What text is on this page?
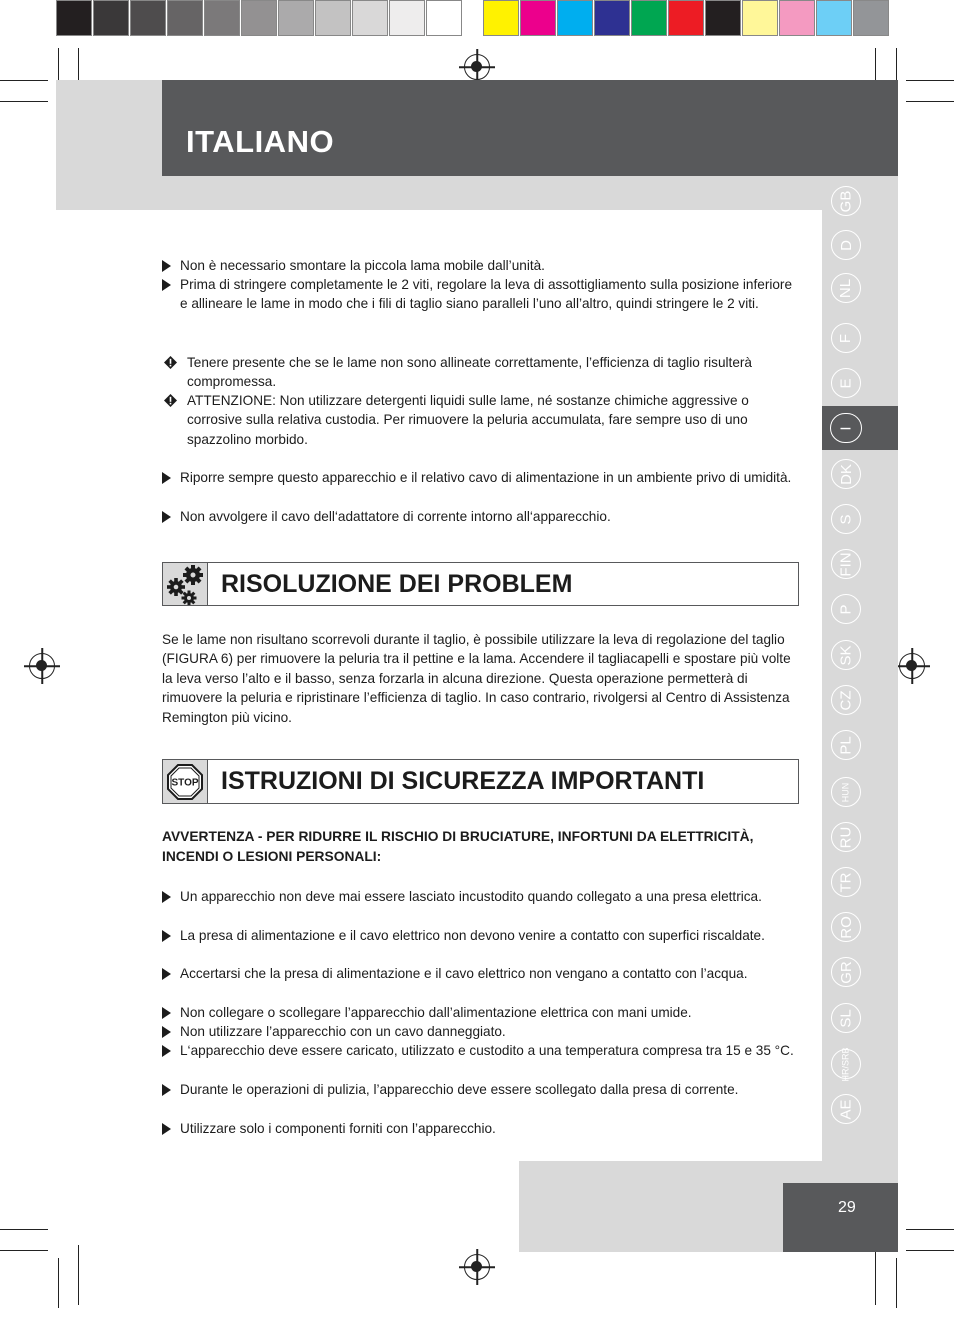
ITALIANO
GB
D
NL
F
E
I
DK
S
FIN
P
SK
CZ
PL
HUN
RU
TR
RO
GR
SL
HR/SRB
AE
Non è necessario smontare la piccola lama mobile dall’unità.
Prima di stringere completamente le 2 viti, regolare la leva di assottigliamento sulla posizione inferiore e allineare le lame in modo che i fili di taglio siano paralleli l’uno all’altro, quindi stringere le 2 viti.
Tenere presente che se le lame non sono allineate correttamente, l’efficienza di taglio risulterà compromessa.
ATTENZIONE: Non utilizzare detergenti liquidi sulle lame, né sostanze chimiche aggressive o corrosive sulla relativa custodia. Per rimuovere la peluria accumulata, fare sempre uso di uno spazzolino morbido.
Riporre sempre questo apparecchio e il relativo cavo di alimentazione in un ambiente privo di umidità.
Non avvolgere il cavo dell‘adattatore di corrente intorno all‘apparecchio.
RISOLUZIONE DEI PROBLEM
Se le lame non risultano scorrevoli durante il taglio, è possibile utilizzare la leva di regolazione del taglio (FIGURA 6) per rimuovere la peluria tra il pettine e la lama. Accendere il tagliacapelli e spostare più volte la leva verso l’alto e il basso, senza forzarla in alcuna direzione. Questa operazione permetterà di rimuovere la peluria e ripristinare l’efficienza di taglio. In caso contrario, rivolgersi al Centro di Assistenza Remington più vicino.
STOP ISTRUZIONI DI SICUREZZA IMPORTANTI
AVVERTENZA - PER RIDURRE IL RISCHIO DI BRUCIATURE, INFORTUNI DA ELETTRICITÀ, INCENDI O LESIONI PERSONALI:
Un apparecchio non deve mai essere lasciato incustodito quando collegato a una presa elettrica.
La presa di alimentazione e il cavo elettrico non devono venire a contatto con superfici riscaldate.
Accertarsi che la presa di alimentazione e il cavo elettrico non vengano a contatto con l’acqua.
Non collegare o scollegare l’apparecchio dall’alimentazione elettrica con mani umide.
Non utilizzare l’apparecchio con un cavo danneggiato.
L‘apparecchio deve essere caricato, utilizzato e custodito a una temperatura compresa tra 15 e 35 °C.
Durante le operazioni di pulizia, l’apparecchio deve essere scollegato dalla presa di corrente.
Utilizzare solo i componenti forniti con l’apparecchio.
29
